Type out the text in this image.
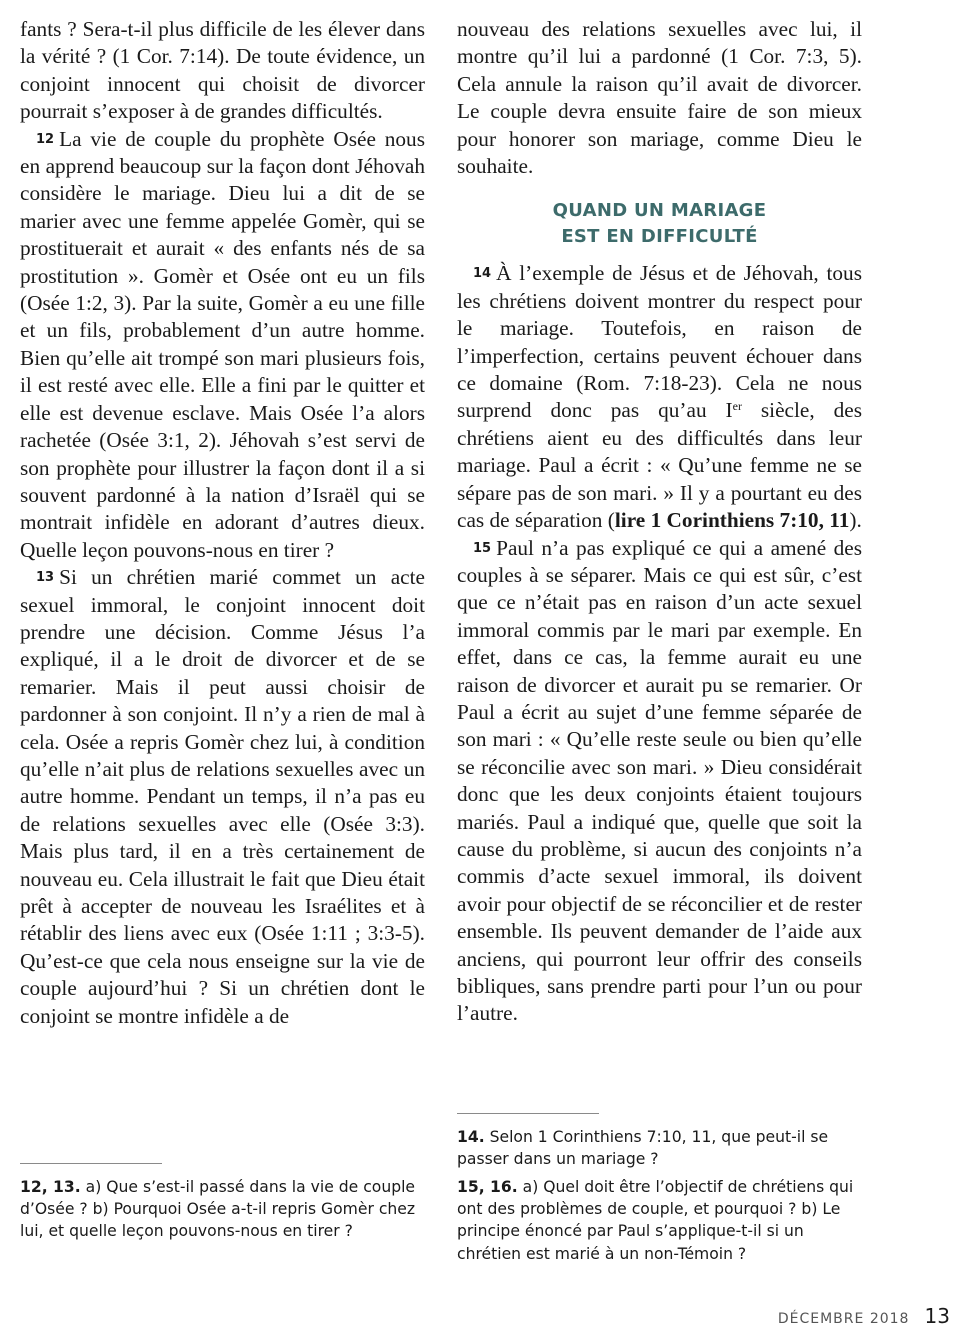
fants ? Sera-t-il plus difficile de les élever dans la vérité ? (1 Cor. 7:14). De toute évidence, un conjoint innocent qui choisit de divorcer pourrait s’exposer à de grandes difficultés.

12 La vie de couple du prophète Osée nous en apprend beaucoup sur la façon dont Jéhovah considère le mariage. Dieu lui a dit de se marier avec une femme appelée Gomèr, qui se prostituerait et aurait « des enfants nés de sa prostitution ». Gomèr et Osée ont eu un fils (Osée 1:2, 3). Par la suite, Gomèr a eu une fille et un fils, probablement d’un autre homme. Bien qu’elle ait trompé son mari plusieurs fois, il est resté avec elle. Elle a fini par le quitter et elle est devenue esclave. Mais Osée l’a alors rachetée (Osée 3:1, 2). Jéhovah s’est servi de son prophète pour illustrer la façon dont il a si souvent pardonné à la nation d’Israël qui se montrait infidèle en adorant d’autres dieux. Quelle leçon pouvons-nous en tirer ?

13 Si un chrétien marié commet un acte sexuel immoral, le conjoint innocent doit prendre une décision. Comme Jésus l’a expliqué, il a le droit de divorcer et de se remarier. Mais il peut aussi choisir de pardonner à son conjoint. Il n’y a rien de mal à cela. Osée a repris Gomèr chez lui, à condition qu’elle n’ait plus de relations sexuelles avec un autre homme. Pendant un temps, il n’a pas eu de relations sexuelles avec elle (Osée 3:3). Mais plus tard, il en a très certainement de nouveau eu. Cela illustrait le fait que Dieu était prêt à accepter de nouveau les Israélites et à rétablir des liens avec eux (Osée 1:11 ; 3:3-5). Qu’est-ce que cela nous enseigne sur la vie de couple aujourd’hui ? Si un chrétien dont le conjoint se montre infidèle a de

nouveau des relations sexuelles avec lui, il montre qu’il lui a pardonné (1 Cor. 7:3, 5). Cela annule la raison qu’il avait de divorcer. Le couple devra ensuite faire de son mieux pour honorer son mariage, comme Dieu le souhaite.

QUAND UN MARIAGE
EST EN DIFFICULTÉ

14 À l’exemple de Jésus et de Jéhovah, tous les chrétiens doivent montrer du respect pour le mariage. Toutefois, en raison de l’imperfection, certains peuvent échouer dans ce domaine (Rom. 7:18-23). Cela ne nous surprend donc pas qu’au Ier siècle, des chrétiens aient eu des difficultés dans leur mariage. Paul a écrit : « Qu’une femme ne se sépare pas de son mari. » Il y a pourtant eu des cas de séparation (lire 1 Corinthiens 7:10, 11).

15 Paul n’a pas expliqué ce qui a amené des couples à se séparer. Mais ce qui est sûr, c’est que ce n’était pas en raison d’un acte sexuel immoral commis par le mari par exemple. En effet, dans ce cas, la femme aurait eu une raison de divorcer et aurait pu se remarier. Or Paul a écrit au sujet d’une femme séparée de son mari : « Qu’elle reste seule ou bien qu’elle se réconcilie avec son mari. » Dieu considérait donc que les deux conjoints étaient toujours mariés. Paul a indiqué que, quelle que soit la cause du problème, si aucun des conjoints n’a commis d’acte sexuel immoral, ils doivent avoir pour objectif de se réconcilier et de rester ensemble. Ils peuvent demander de l’aide aux anciens, qui pourront leur offrir des conseils bibliques, sans prendre parti pour l’un ou pour l’autre.

12, 13. a) Que s’est-il passé dans la vie de couple d’Osée ? b) Pourquoi Osée a-t-il repris Gomèr chez lui, et quelle leçon pouvons-nous en tirer ?
14. Selon 1 Corinthiens 7:10, 11, que peut-il se passer dans un mariage ?
15, 16. a) Quel doit être l’objectif de chrétiens qui ont des problèmes de couple, et pourquoi ? b) Le principe énoncé par Paul s’applique-t-il si un chrétien est marié à un non-Témoin ?
DÉCEMBRE 2018 13
